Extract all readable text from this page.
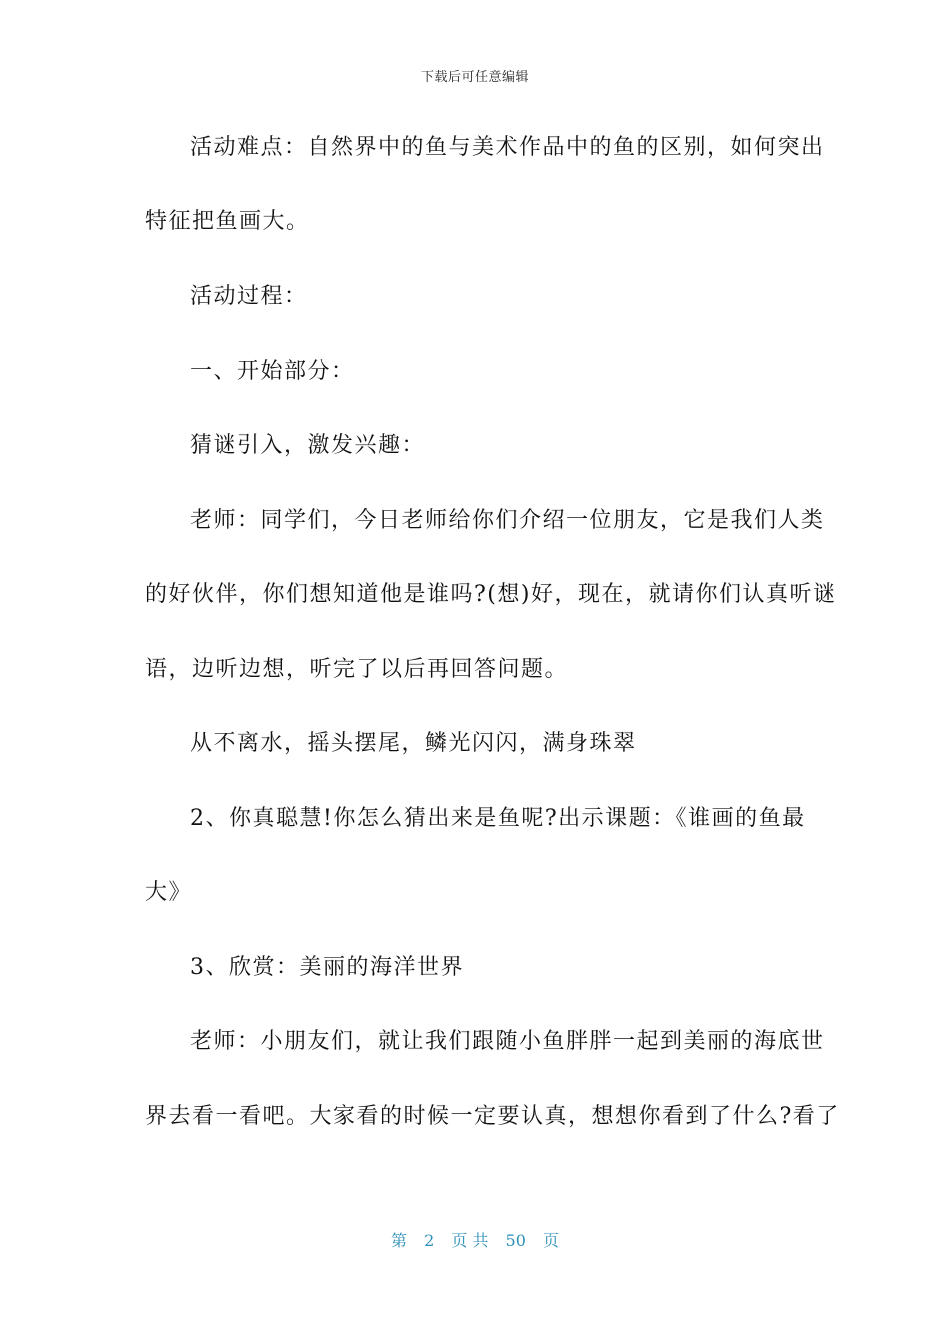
下载后可任意编辑
活动难点：自然界中的鱼与美术作品中的鱼的区别，如何突出
特征把鱼画大。
活动过程：
一、开始部分：
猜谜引入，激发兴趣：
老师：同学们，今日老师给你们介绍一位朋友，它是我们人类
的好伙伴，你们想知道他是谁吗?(想)好，现在，就请你们认真听谜
语，边听边想，听完了以后再回答问题。
从不离水，摇头摆尾，鳞光闪闪，满身珠翠
2、你真聪慧!你怎么猜出来是鱼呢?出示课题：《谁画的鱼最
大》
3、欣赏：美丽的海洋世界
老师：小朋友们，就让我们跟随小鱼胖胖一起到美丽的海底世
界去看一看吧。大家看的时候一定要认真，想想你看到了什么?看了
第 2 页 共 50 页
